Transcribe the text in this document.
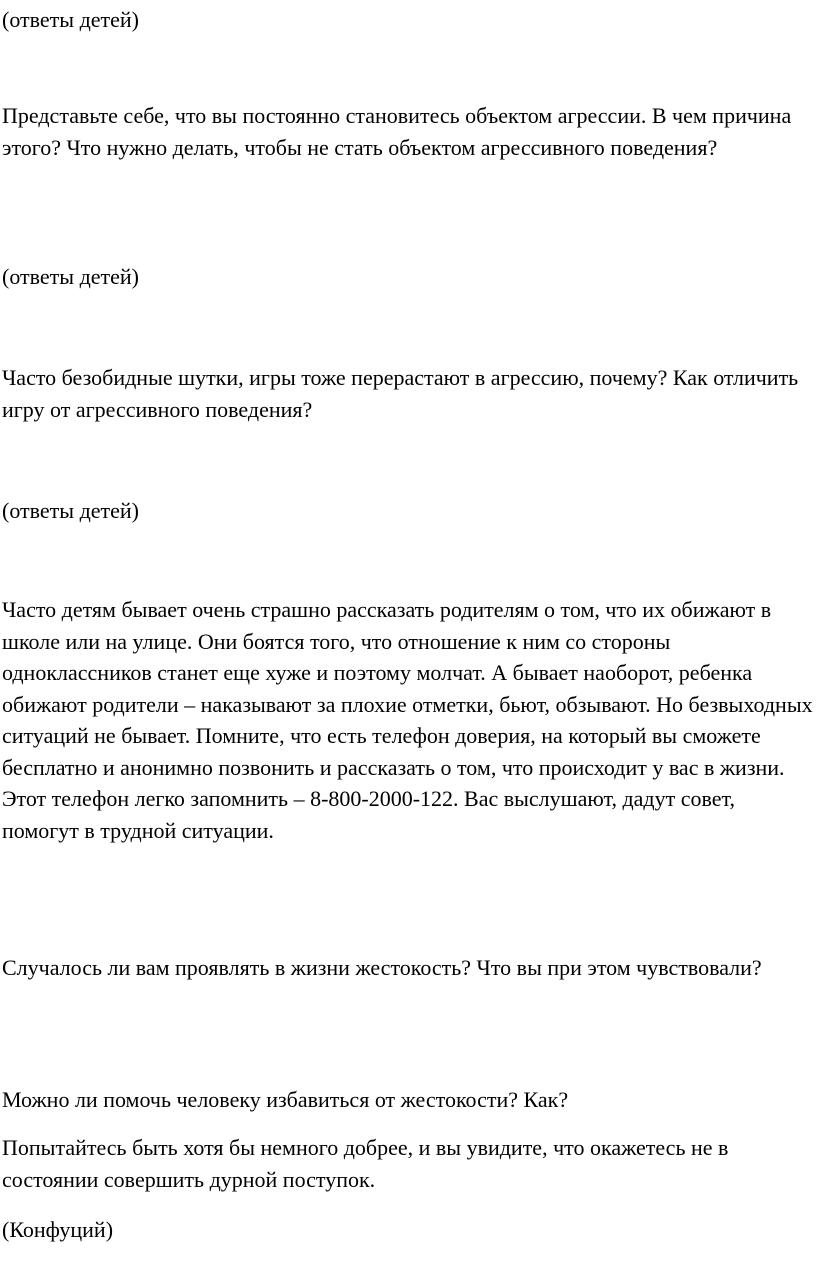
(ответы детей)

Представьте себе, что вы постоянно становитесь объектом агрессии. В чем причина этого? Что нужно делать, чтобы не стать объектом агрессивного поведения?

(ответы детей)

Часто безобидные шутки, игры тоже перерастают в агрессию, почему? Как отличить игру от агрессивного поведения?

(ответы детей)

Часто детям бывает очень страшно рассказать родителям о том, что их обижают в школе или на улице. Они боятся того, что отношение к ним со стороны одноклассников станет еще хуже и поэтому молчат. А бывает наоборот, ребенка обижают родители – наказывают за плохие отметки, бьют, обзывают. Но безвыходных ситуаций не бывает. Помните, что есть телефон доверия, на который вы сможете бесплатно и анонимно позвонить и рассказать о том, что происходит у вас в жизни. Этот телефон легко запомнить – 8-800-2000-122. Вас выслушают, дадут совет, помогут в трудной ситуации.

Случалось ли вам проявлять в жизни жестокость? Что вы при этом чувствовали?

Можно ли помочь человеку избавиться от жестокости? Как?

Попытайтесь быть хотя бы немного добрее, и вы увидите, что окажетесь не в состоянии совершить дурной поступок.

(Конфуций)
